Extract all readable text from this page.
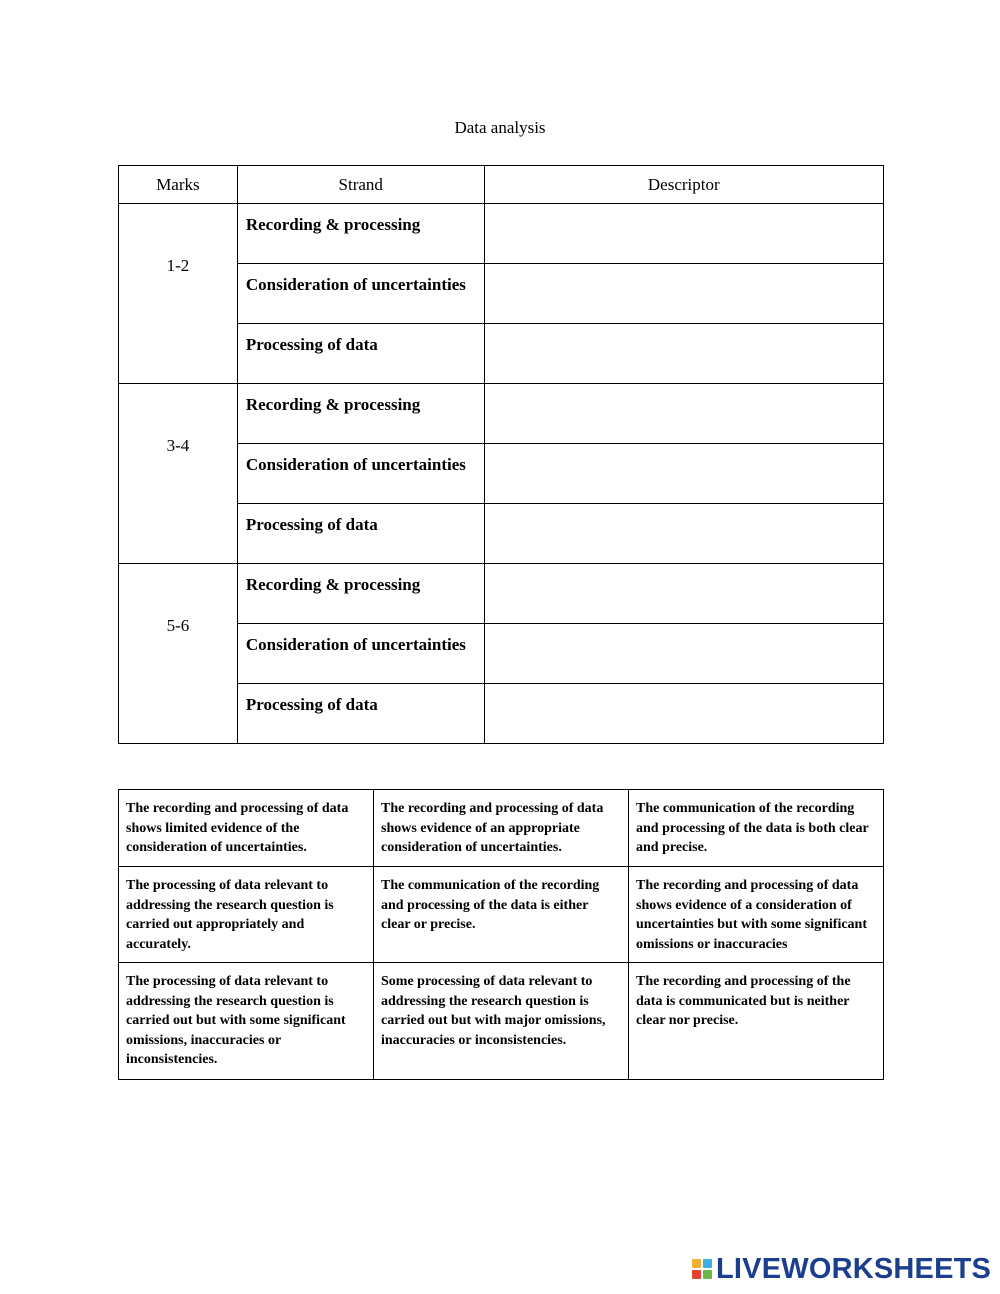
Data analysis
Marks	Strand	Descriptor
1-2	Recording & processing	
	Consideration of uncertainties	
	Processing of data	
3-4	Recording & processing	
	Consideration of uncertainties	
	Processing of data	
5-6	Recording & processing	
	Consideration of uncertainties	
	Processing of data	
The recording and processing of data shows limited evidence of the consideration of uncertainties.	The recording and processing of data shows evidence of an appropriate consideration of uncertainties.	The communication of the recording and processing of the data is both clear and precise.
The processing of data relevant to addressing the research question is carried out appropriately and accurately.	The communication of the recording and processing of the data is either clear or precise.	The recording and processing of data shows evidence of a consideration of uncertainties but with some significant omissions or inaccuracies
The processing of data relevant to addressing the research question is carried out but with some significant omissions, inaccuracies or inconsistencies.	Some processing of data relevant to addressing the research question is carried out but with major omissions, inaccuracies or inconsistencies.	The recording and processing of the data is communicated but is neither clear nor precise.
LIVEWORKSHEETS
